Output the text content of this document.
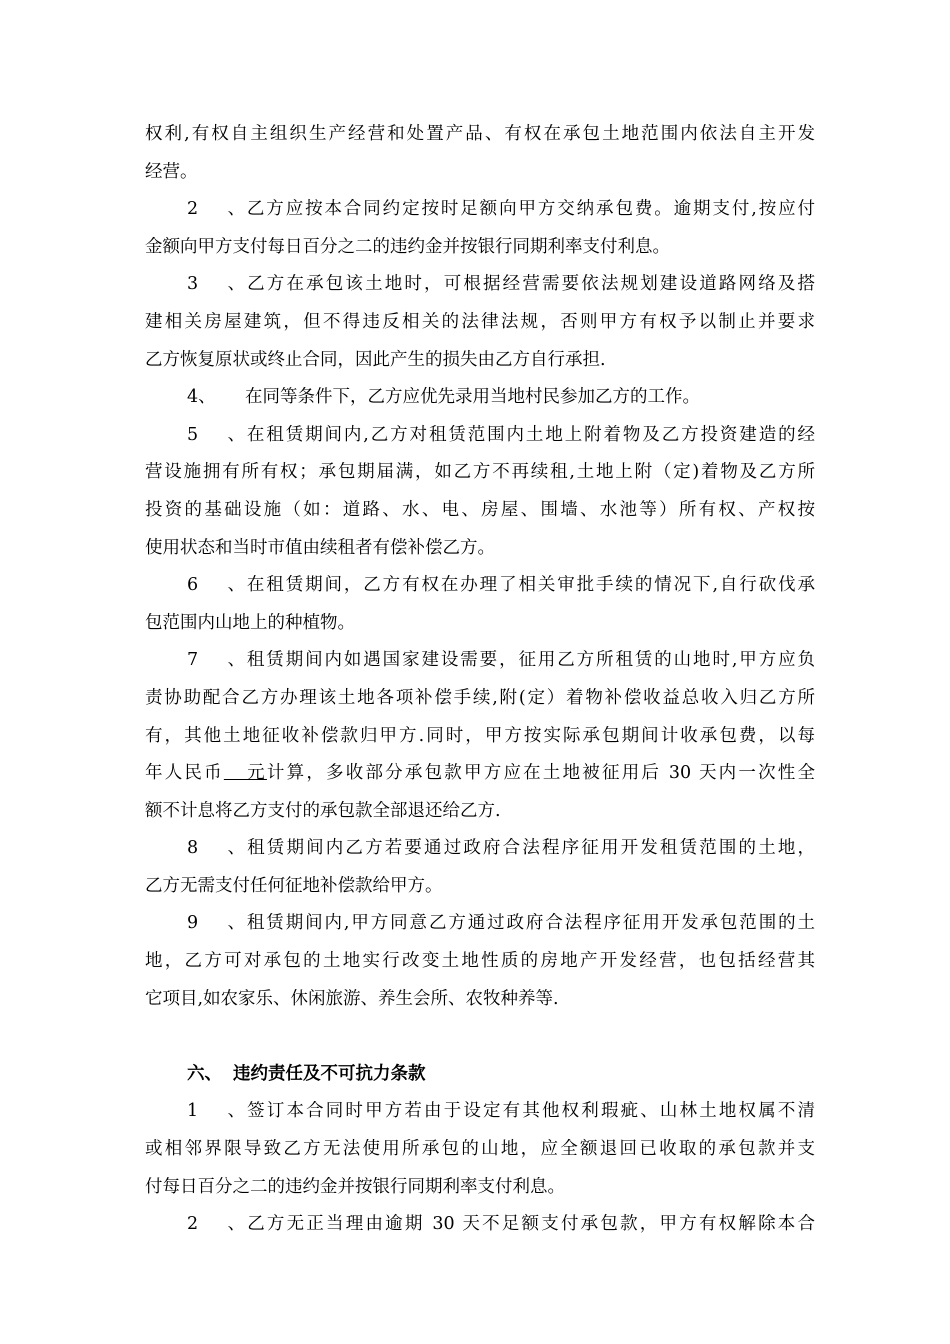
权利,有权自主组织生产经营和处置产品、有权在承包土地范围内依法自主开发
经营。
2、乙方应按本合同约定按时足额向甲方交纳承包费。逾期支付,按应付
金额向甲方支付每日百分之二的违约金并按银行同期利率支付利息。
3、乙方在承包该土地时，可根据经营需要依法规划建设道路网络及搭
建相关房屋建筑，但不得违反相关的法律法规，否则甲方有权予以制止并要求
乙方恢复原状或终止合同，因此产生的损失由乙方自行承担.
4、 在同等条件下，乙方应优先录用当地村民参加乙方的工作。
5、在租赁期间内,乙方对租赁范围内土地上附着物及乙方投资建造的经
营设施拥有所有权；承包期届满，如乙方不再续租,土地上附（定)着物及乙方所
投资的基础设施（如：道路、水、电、房屋、围墙、水池等）所有权、产权按
使用状态和当时市值由续租者有偿补偿乙方。
6、在租赁期间，乙方有权在办理了相关审批手续的情况下,自行砍伐承
包范围内山地上的种植物。
7、租赁期间内如遇国家建设需要，征用乙方所租赁的山地时,甲方应负
责协助配合乙方办理该土地各项补偿手续,附(定）着物补偿收益总收入归乙方所
有，其他土地征收补偿款归甲方.同时，甲方按实际承包期间计收承包费，以每
年人民币   元计算，多收部分承包款甲方应在土地被征用后 30 天内一次性全
额不计息将乙方支付的承包款全部退还给乙方.
8、租赁期间内乙方若要通过政府合法程序征用开发租赁范围的土地，
乙方无需支付任何征地补偿款给甲方。
9、租赁期间内,甲方同意乙方通过政府合法程序征用开发承包范围的土
地，乙方可对承包的土地实行改变土地性质的房地产开发经营，也包括经营其
它项目,如农家乐、休闲旅游、养生会所、农牧种养等.
六、 违约责任及不可抗力条款
1、签订本合同时甲方若由于设定有其他权利瑕疵、山林土地权属不清
或相邻界限导致乙方无法使用所承包的山地，应全额退回已收取的承包款并支
付每日百分之二的违约金并按银行同期利率支付利息。
2、乙方无正当理由逾期 30 天不足额支付承包款，甲方有权解除本合
